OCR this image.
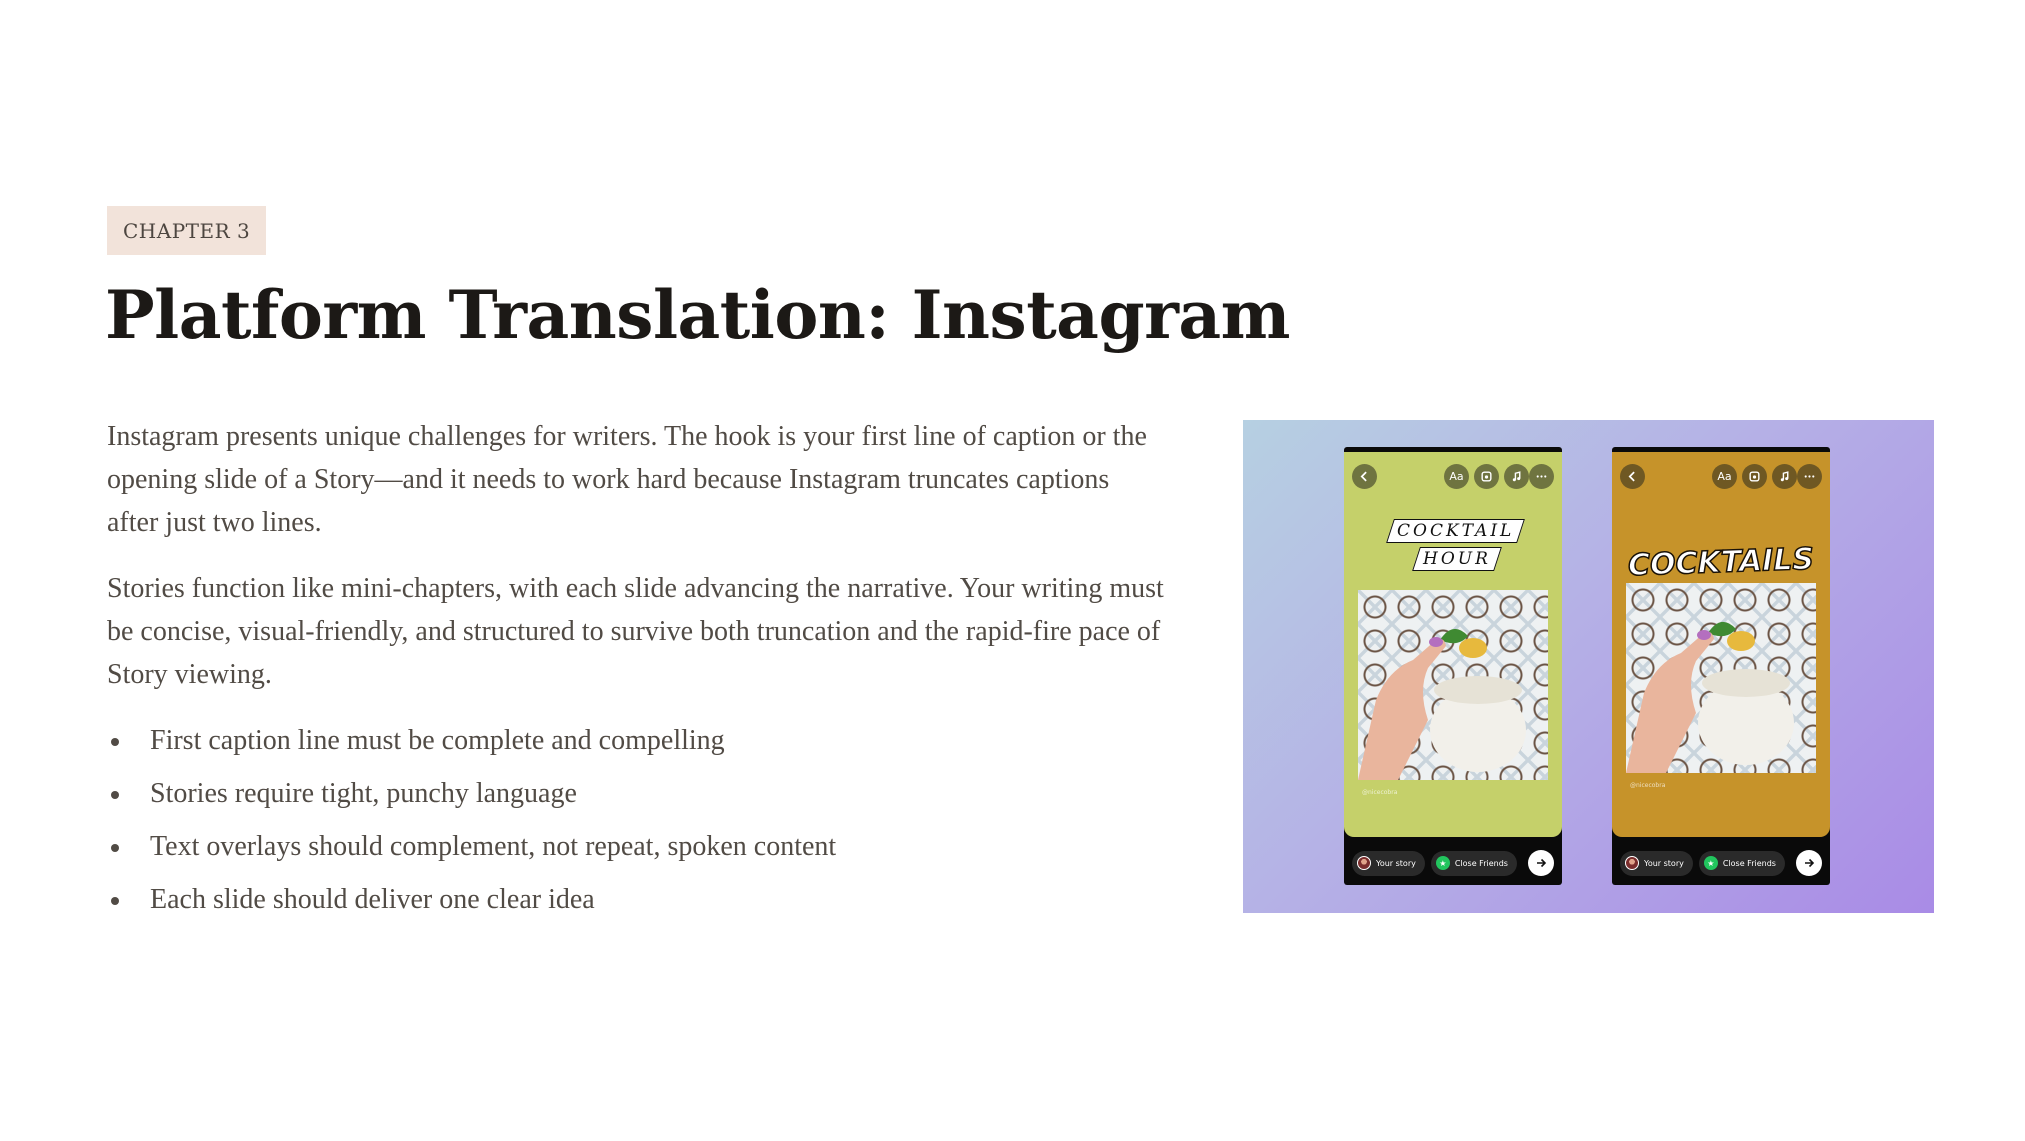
CHAPTER 3
Platform Translation: Instagram

Instagram presents unique challenges for writers. The hook is your first line of caption or the opening slide of a Story—and it needs to work hard because Instagram truncates captions after just two lines.

Stories function like mini-chapters, with each slide advancing the narrative. Your writing must be concise, visual-friendly, and structured to survive both truncation and the rapid-fire pace of Story viewing.

First caption line must be complete and compelling
Stories require tight, punchy language
Text overlays should complement, not repeat, spoken content
Each slide should deliver one clear idea
Aa
COCKTAIL
HOUR
@nicecobra
Your story	★	Close Friends
Aa
COCKTAILS
@nicecobra
Your story	★	Close Friends
